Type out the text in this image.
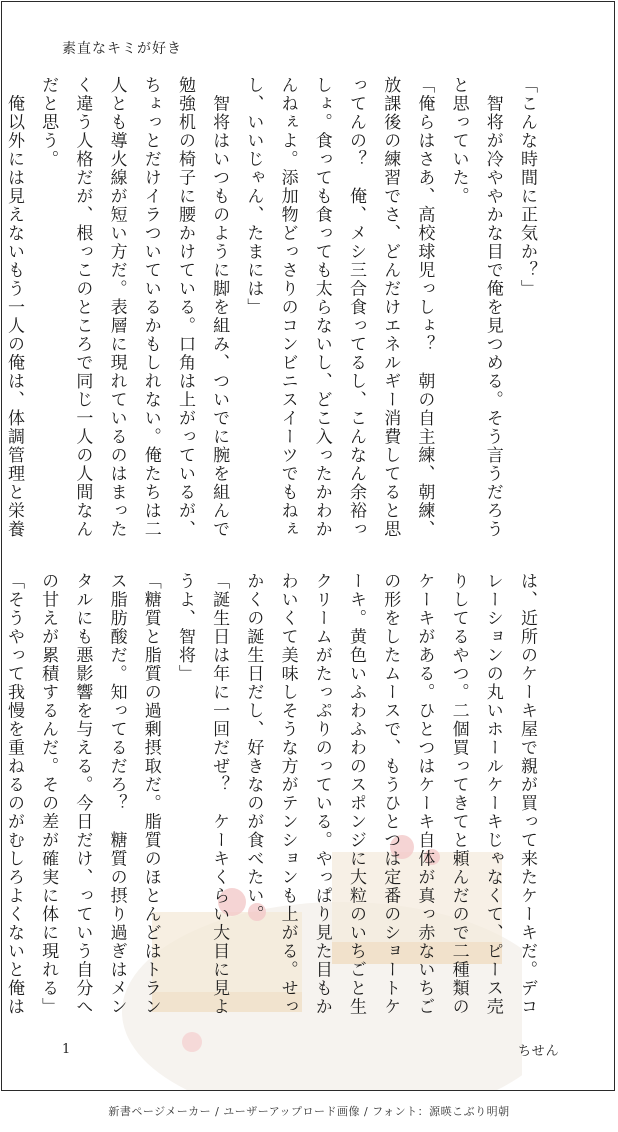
素直なキミが好き

「こんな時間に正気か？」

　智将が冷ややかな目で俺を見つめる。そう言うだろうと思っていた。

「俺らはさあ、高校球児っしょ？　朝の自主練、朝練、放課後の練習でさ、どんだけエネルギー消費してると思ってんの？　俺、メシ三合食ってるし、こんなん余裕っしょ。食っても食っても太らないし、どこ入ったかわかんねぇよ。添加物どっさりのコンビニスイーツでもねぇし、いいじゃん、たまには」

　智将はいつものように脚を組み、ついでに腕を組んで勉強机の椅子に腰かけている。口角は上がっているが、ちょっとだけイラついているかもしれない。俺たちは二人とも導火線が短い方だ。表層に現れているのはまったく違う人格だが、根っこのところで同じ一人の人間なんだと思う。

　俺以外には見えないもう一人の俺は、体調管理と栄養

は、近所のケーキ屋で親が買って来たケーキだ。デコレーションの丸いホールケーキじゃなくて、ピース売りしてるやつ。二個買ってきてと頼んだので二種類のケーキがある。ひとつはケーキ自体が真っ赤ないちごの形をしたムースで、もうひとつは定番のショートケーキ。黄色いふわふわのスポンジに大粒のいちごと生クリームがたっぷりのっている。やっぱり見た目もかわいくて美味しそうな方がテンションも上がる。せっかくの誕生日だし、好きなのが食べたい。

「誕生日は年に一回だぜ？　ケーキくらい大目に見ようよ、智将」

「糖質と脂質の過剰摂取だ。脂質のほとんどはトランス脂肪酸だ。知ってるだろ？　糖質の摂り過ぎはメンタルにも悪影響を与える。今日だけ、っていう自分への甘えが累積するんだ。その差が確実に体に現れる」

「そうやって我慢を重ねるのがむしろよくないと俺は

1	ちせん
新書ページメーカー / ユーザーアップロード画像 / フォント：源暎こぶり明朝
